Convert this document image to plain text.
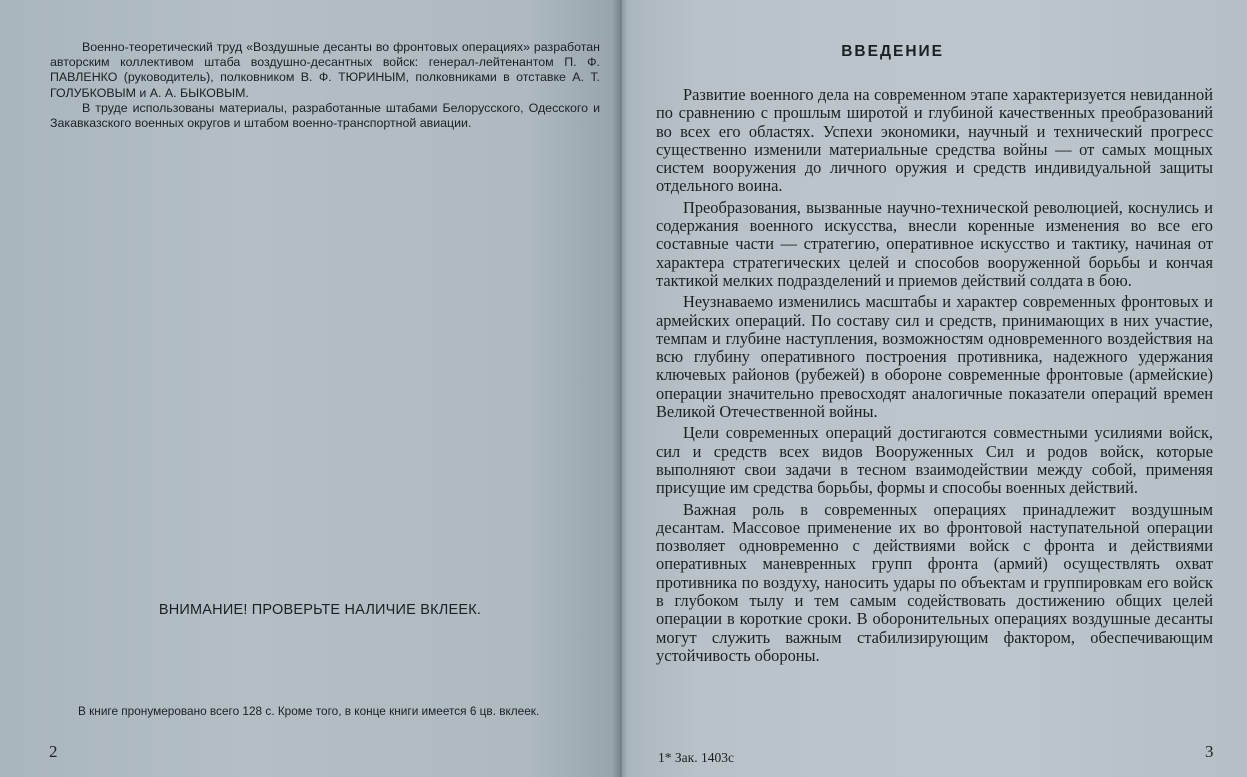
Военно-теоретический труд «Воздушные десанты во фронтовых операциях» разработан авторским коллективом штаба воздушно-десантных войск: генерал-лейтенантом П. Ф. ПАВЛЕНКО (руководитель), полковником В. Ф. ТЮРИНЫМ, полковниками в отставке А. Т. ГОЛУБКОВЫМ и А. А. БЫКОВЫМ.

В труде использованы материалы, разработанные штабами Белорусского, Одесского и Закавказского военных округов и штабом военно-транспортной авиации.

ВНИМАНИЕ! ПРОВЕРЬТЕ НАЛИЧИЕ ВКЛЕЕК.
В книге пронумеровано всего 128 с. Кроме того, в конце книги имеется 6 цв. вклеек.
2
ВВЕДЕНИЕ

Развитие военного дела на современном этапе характеризуется невиданной по сравнению с прошлым широтой и глубиной качественных преобразований во всех его областях. Успехи экономики, научный и технический прогресс существенно изменили материальные средства войны — от самых мощных систем вооружения до личного оружия и средств индивидуальной защиты отдельного воина.

Преобразования, вызванные научно-технической революцией, коснулись и содержания военного искусства, внесли коренные изменения во все его составные части — стратегию, оперативное искусство и тактику, начиная от характера стратегических целей и способов вооруженной борьбы и кончая тактикой мелких подразделений и приемов действий солдата в бою.

Неузнаваемо изменились масштабы и характер современных фронтовых и армейских операций. По составу сил и средств, принимающих в них участие, темпам и глубине наступления, возможностям одновременного воздействия на всю глубину оперативного построения противника, надежного удержания ключевых районов (рубежей) в обороне современные фронтовые (армейские) операции значительно превосходят аналогичные показатели операций времен Великой Отечественной войны.

Цели современных операций достигаются совместными усилиями войск, сил и средств всех видов Вооруженных Сил и родов войск, которые выполняют свои задачи в тесном взаимодействии между собой, применяя присущие им средства борьбы, формы и способы военных действий.

Важная роль в современных операциях принадлежит воздушным десантам. Массовое применение их во фронтовой наступательной операции позволяет одновременно с действиями войск с фронта и действиями оперативных маневренных групп фронта (армий) осуществлять охват противника по воздуху, наносить удары по объектам и группировкам его войск в глубоком тылу и тем самым содействовать достижению общих целей операции в короткие сроки. В оборонительных операциях воздушные десанты могут служить важным стабилизирующим фактором, обеспечивающим устойчивость обороны.

1* Зак. 1403с	3
